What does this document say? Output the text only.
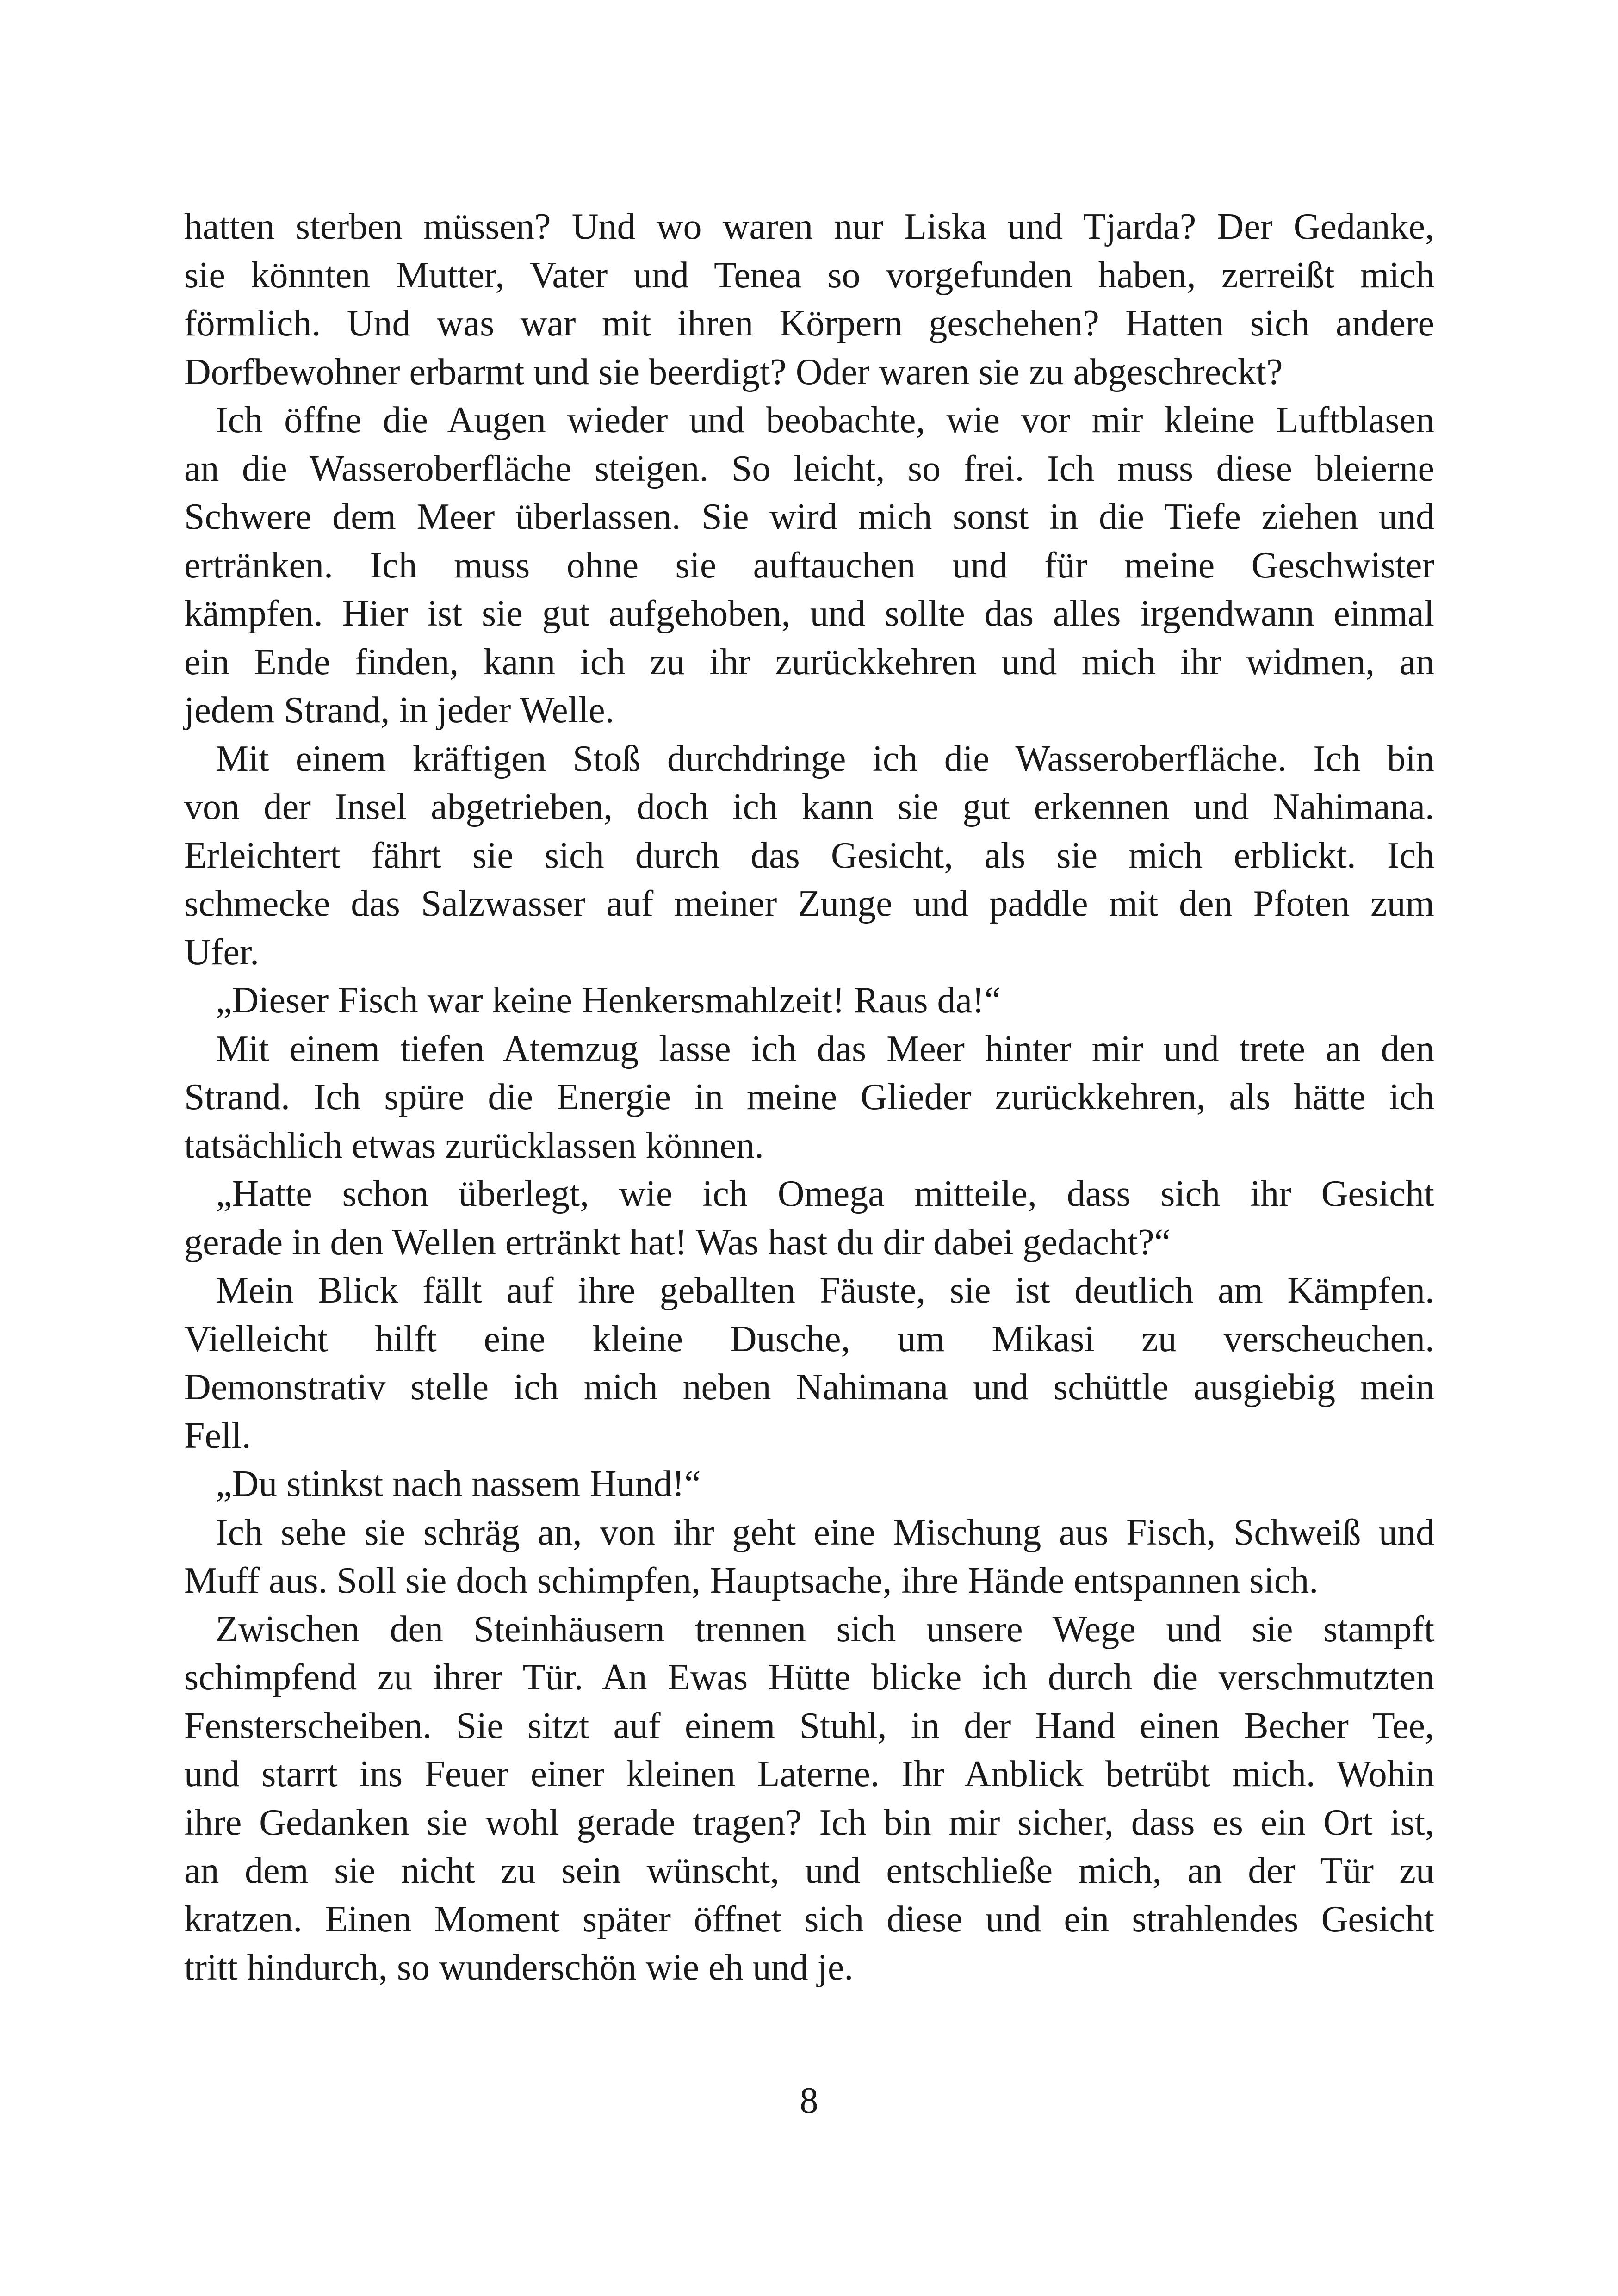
hatten sterben müssen? Und wo waren nur Liska und Tjarda? Der Gedanke,
sie könnten Mutter, Vater und Tenea so vorgefunden haben, zerreißt mich
förmlich. Und was war mit ihren Körpern geschehen? Hatten sich andere
Dorfbewohner erbarmt und sie beerdigt? Oder waren sie zu abgeschreckt?
Ich öffne die Augen wieder und beobachte, wie vor mir kleine Luftblasen
an die Wasseroberfläche steigen. So leicht, so frei. Ich muss diese bleierne
Schwere dem Meer überlassen. Sie wird mich sonst in die Tiefe ziehen und
ertränken. Ich muss ohne sie auftauchen und für meine Geschwister
kämpfen. Hier ist sie gut aufgehoben, und sollte das alles irgendwann einmal
ein Ende finden, kann ich zu ihr zurückkehren und mich ihr widmen, an
jedem Strand, in jeder Welle.
Mit einem kräftigen Stoß durchdringe ich die Wasseroberfläche. Ich bin
von der Insel abgetrieben, doch ich kann sie gut erkennen und Nahimana.
Erleichtert fährt sie sich durch das Gesicht, als sie mich erblickt. Ich
schmecke das Salzwasser auf meiner Zunge und paddle mit den Pfoten zum
Ufer.
„Dieser Fisch war keine Henkersmahlzeit! Raus da!“
Mit einem tiefen Atemzug lasse ich das Meer hinter mir und trete an den
Strand. Ich spüre die Energie in meine Glieder zurückkehren, als hätte ich
tatsächlich etwas zurücklassen können.
„Hatte schon überlegt, wie ich Omega mitteile, dass sich ihr Gesicht
gerade in den Wellen ertränkt hat! Was hast du dir dabei gedacht?“
Mein Blick fällt auf ihre geballten Fäuste, sie ist deutlich am Kämpfen.
Vielleicht hilft eine kleine Dusche, um Mikasi zu verscheuchen.
Demonstrativ stelle ich mich neben Nahimana und schüttle ausgiebig mein
Fell.
„Du stinkst nach nassem Hund!“
Ich sehe sie schräg an, von ihr geht eine Mischung aus Fisch, Schweiß und
Muff aus. Soll sie doch schimpfen, Hauptsache, ihre Hände entspannen sich.
Zwischen den Steinhäusern trennen sich unsere Wege und sie stampft
schimpfend zu ihrer Tür. An Ewas Hütte blicke ich durch die verschmutzten
Fensterscheiben. Sie sitzt auf einem Stuhl, in der Hand einen Becher Tee,
und starrt ins Feuer einer kleinen Laterne. Ihr Anblick betrübt mich. Wohin
ihre Gedanken sie wohl gerade tragen? Ich bin mir sicher, dass es ein Ort ist,
an dem sie nicht zu sein wünscht, und entschließe mich, an der Tür zu
kratzen. Einen Moment später öffnet sich diese und ein strahlendes Gesicht
tritt hindurch, so wunderschön wie eh und je.
8
